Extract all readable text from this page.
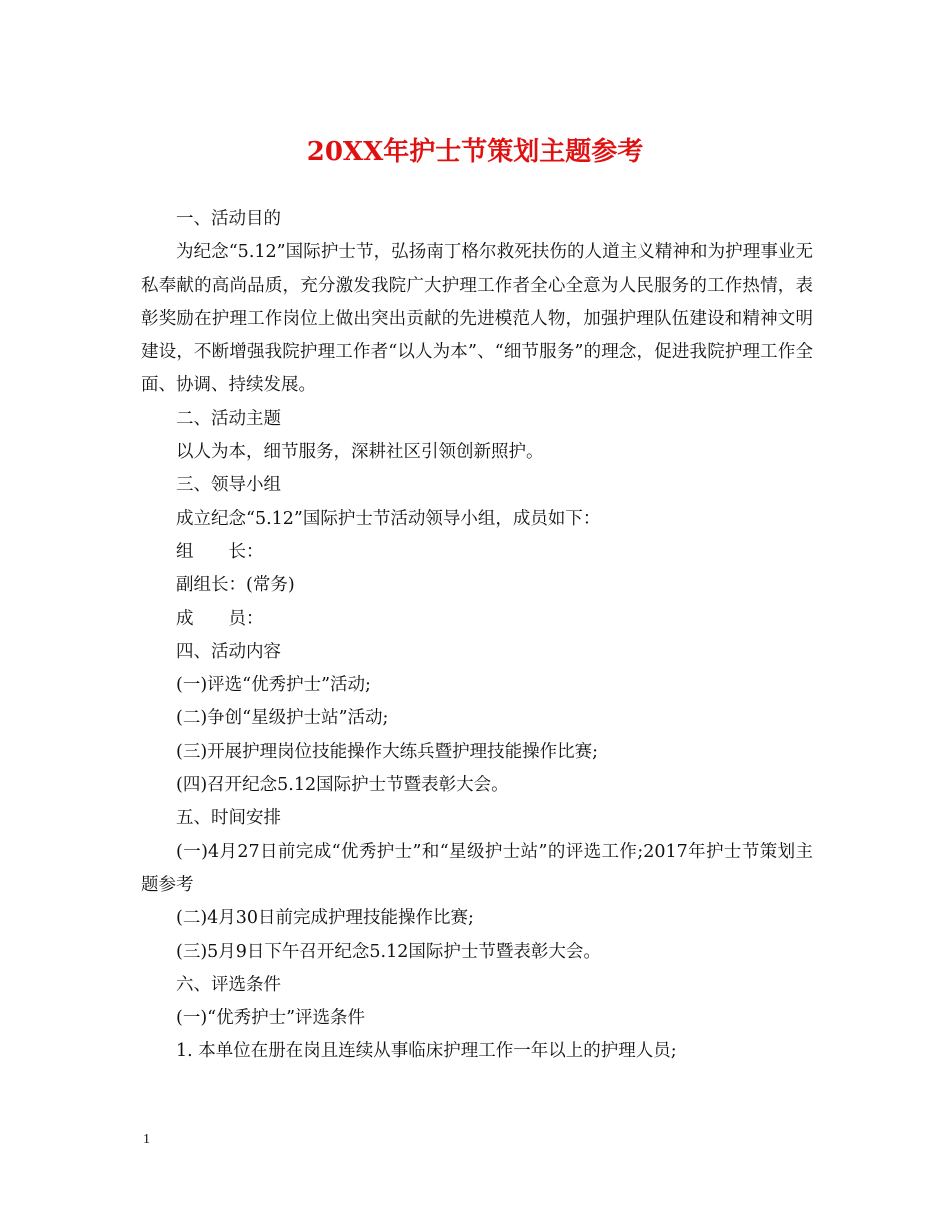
20XX年护士节策划主题参考

一、活动目的

为纪念“5.12”国际护士节，弘扬南丁格尔救死扶伤的人道主义精神和为护理事业无私奉献的高尚品质，充分激发我院广大护理工作者全心全意为人民服务的工作热情，表彰奖励在护理工作岗位上做出突出贡献的先进模范人物，加强护理队伍建设和精神文明建设，不断增强我院护理工作者“以人为本”、“细节服务”的理念，促进我院护理工作全面、协调、持续发展。

二、活动主题

以人为本，细节服务，深耕社区引领创新照护。

三、领导小组

成立纪念“5.12”国际护士节活动领导小组，成员如下：

组　　长：

副组长：(常务)

成　　员：

四、活动内容

(一)评选“优秀护士”活动;

(二)争创“星级护士站”活动;

(三)开展护理岗位技能操作大练兵暨护理技能操作比赛;

(四)召开纪念5.12国际护士节暨表彰大会。

五、时间安排

(一)4月27日前完成“优秀护士”和“星级护士站”的评选工作;2017年护士节策划主题参考

(二)4月30日前完成护理技能操作比赛;

(三)5月9日下午召开纪念5.12国际护士节暨表彰大会。

六、评选条件

(一)“优秀护士”评选条件

1. 本单位在册在岗且连续从事临床护理工作一年以上的护理人员;

1
